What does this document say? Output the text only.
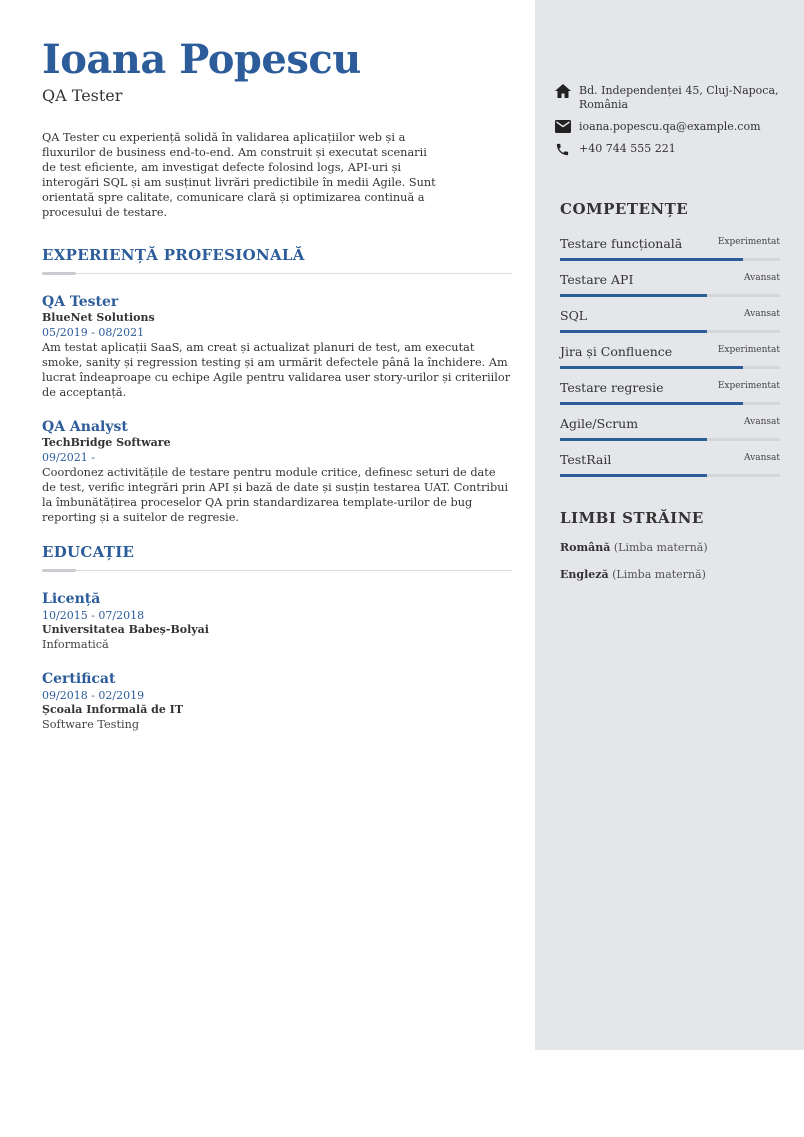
Ioana Popescu
QA Tester
QA Tester cu experiență solidă în validarea aplicațiilor web și a fluxurilor de business end-to-end. Am construit și executat scenarii de test eficiente, am investigat defecte folosind logs, API-uri și interogări SQL și am susținut livrări predictibile în medii Agile. Sunt orientată spre calitate, comunicare clară și optimizarea continuă a procesului de testare.
EXPERIENȚĂ PROFESIONALĂ
QA Tester
BlueNet Solutions
05/2019 - 08/2021
Am testat aplicații SaaS, am creat și actualizat planuri de test, am executat smoke, sanity și regression testing și am urmărit defectele până la închidere. Am lucrat îndeaproape cu echipe Agile pentru validarea user story-urilor și criteriilor de acceptanță.
QA Analyst
TechBridge Software
09/2021 -
Coordonez activitățile de testare pentru module critice, definesc seturi de date de test, verific integrări prin API și bază de date și susțin testarea UAT. Contribui la îmbunătățirea proceselor QA prin standardizarea template-urilor de bug reporting și a suitelor de regresie.
EDUCAȚIE
Licență
10/2015 - 07/2018
Universitatea Babeș-Bolyai
Informatică
Certificat
09/2018 - 02/2019
Școala Informală de IT
Software Testing
Bd. Independenței 45, Cluj-Napoca, România
ioana.popescu.qa@example.com
+40 744 555 221
COMPETENȚE
Testare funcțională	Experimentat
Testare API	Avansat
SQL	Avansat
Jira și Confluence	Experimentat
Testare regresie	Experimentat
Agile/Scrum	Avansat
TestRail	Avansat
LIMBI STRĂINE
Română (Limba maternă)
Engleză (Limba maternă)
